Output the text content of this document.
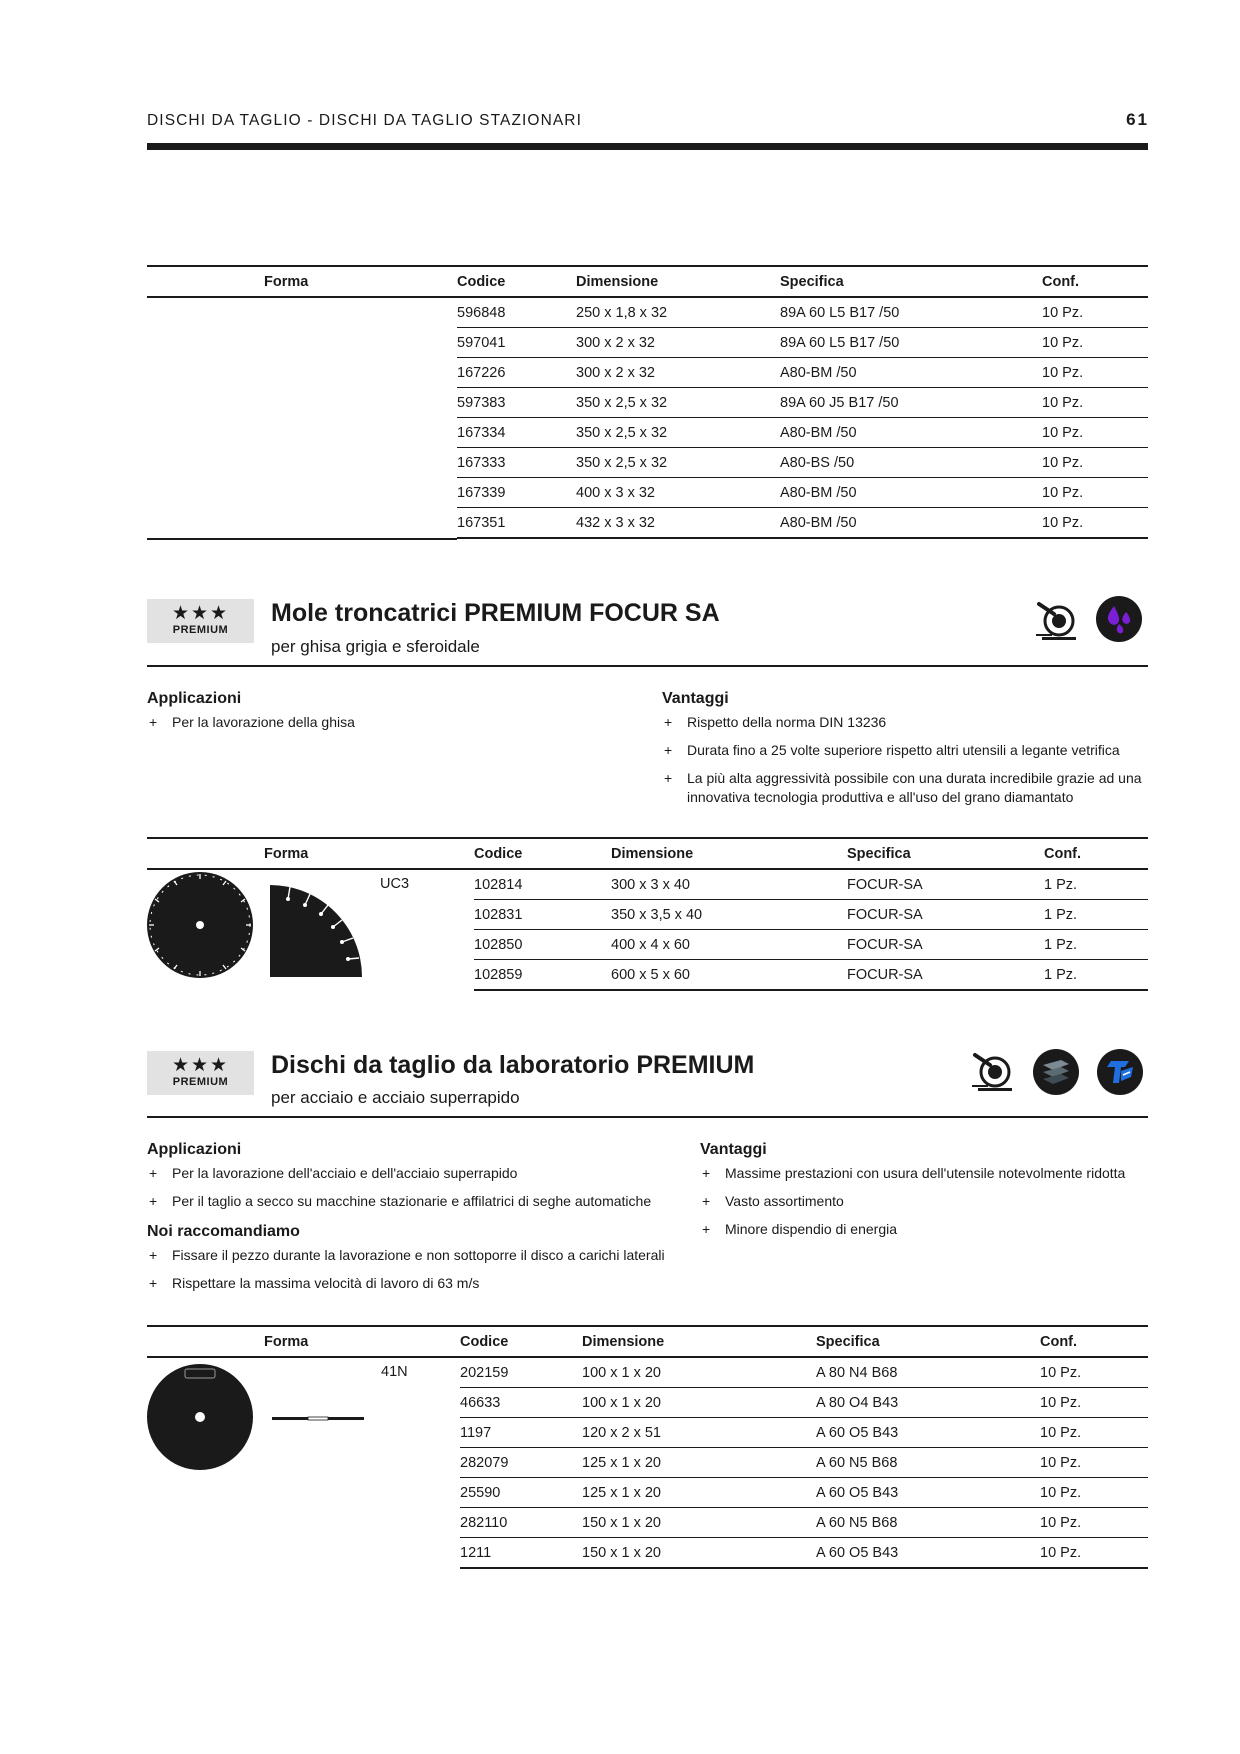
DISCHI DA TAGLIO - DISCHI DA TAGLIO STAZIONARI	61
Forma	Codice	Dimensione	Specifica	Conf.
	596848	250 x 1,8 x 32	89A 60 L5 B17 /50	10 Pz.
	597041	300 x 2 x 32	89A 60 L5 B17 /50	10 Pz.
	167226	300 x 2 x 32	A80-BM /50	10 Pz.
	597383	350 x 2,5 x 32	89A 60 J5 B17 /50	10 Pz.
	167334	350 x 2,5 x 32	A80-BM /50	10 Pz.
	167333	350 x 2,5 x 32	A80-BS /50	10 Pz.
	167339	400 x 3 x 32	A80-BM /50	10 Pz.
	167351	432 x 3 x 32	A80-BM /50	10 Pz.
★★★
PREMIUM
Mole troncatrici PREMIUM FOCUR SA
per ghisa grigia e sferoidale
Applicazioni
+ Per la lavorazione della ghisa
Vantaggi
+ Rispetto della norma DIN 13236
+ Durata fino a 25 volte superiore rispetto altri utensili a legante vetrifica
+ La più alta aggressività possibile con una durata incredibile grazie ad una innovativa tecnologia produttiva e all'uso del grano diamantato
Forma	Codice	Dimensione	Specifica	Conf.

UC3	102814	300 x 3 x 40	FOCUR-SA	1 Pz.
	102831	350 x 3,5 x 40	FOCUR-SA	1 Pz.
	102850	400 x 4 x 60	FOCUR-SA	1 Pz.
	102859	600 x 5 x 60	FOCUR-SA	1 Pz.
★★★
PREMIUM
Dischi da taglio da laboratorio PREMIUM
per acciaio e acciaio superrapido
Applicazioni
+ Per la lavorazione dell'acciaio e dell'acciaio superrapido
+ Per il taglio a secco su macchine stazionarie e affilatrici di seghe automatiche
Noi raccomandiamo
+ Fissare il pezzo durante la lavorazione e non sottoporre il disco a carichi laterali
+ Rispettare la massima velocità di lavoro di 63 m/s
Vantaggi
+ Massime prestazioni con usura dell'utensile notevolmente ridotta
+ Vasto assortimento
+ Minore dispendio di energia
Forma	Codice	Dimensione	Specifica	Conf.

41N	202159	100 x 1 x 20	A 80 N4 B68	10 Pz.
	46633	100 x 1 x 20	A 80 O4 B43	10 Pz.
	1197	120 x 2 x 51	A 60 O5 B43	10 Pz.
	282079	125 x 1 x 20	A 60 N5 B68	10 Pz.
	25590	125 x 1 x 20	A 60 O5 B43	10 Pz.
	282110	150 x 1 x 20	A 60 N5 B68	10 Pz.
	1211	150 x 1 x 20	A 60 O5 B43	10 Pz.
